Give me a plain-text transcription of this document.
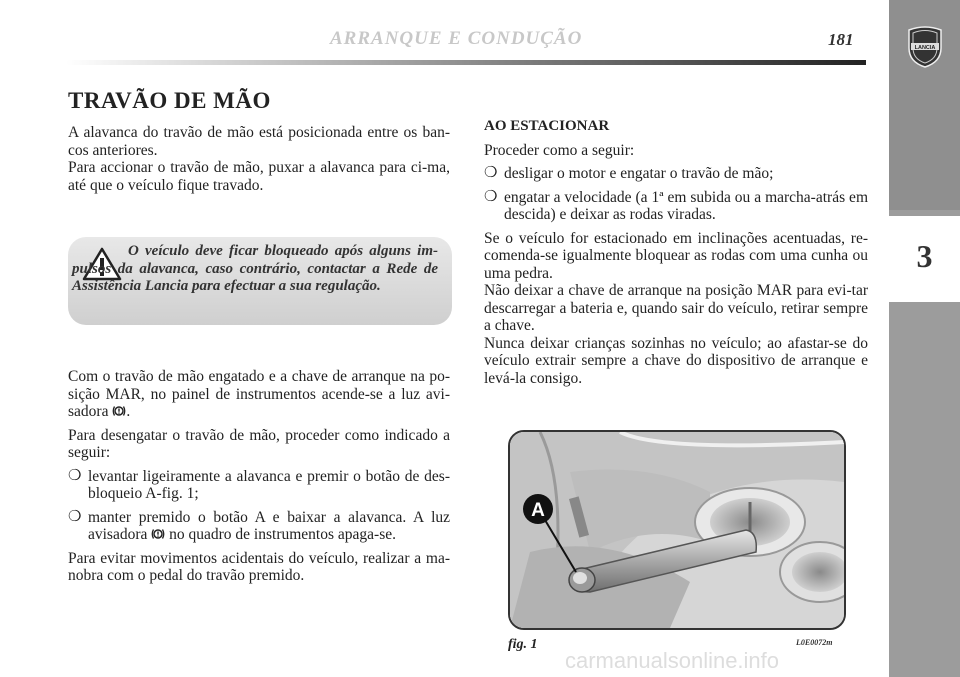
ARRANQUE E CONDUÇÃO	181
3
LANCIA
TRAVÃO DE MÃO

A alavanca do travão de mão está posicionada entre os ban-cos anteriores.

Para accionar o travão de mão, puxar a alavanca para ci-ma, até que o veículo fique travado.

O veículo deve ficar bloqueado após alguns im-pulsos da alavanca, caso contrário, contactar a Rede de Assistência Lancia para efectuar a sua regulação.

Com o travão de mão engatado e a chave de arranque na po-sição MAR, no painel de instrumentos acende-se a luz avi-sadora .

Para desengatar o travão de mão, proceder como indicado a seguir:

❍ levantar ligeiramente a alavanca e premir o botão de des-bloqueio A-fig. 1;
❍ manter premido o botão A e baixar a alavanca. A luz avisadora no quadro de instrumentos apaga-se.

Para evitar movimentos acidentais do veículo, realizar a ma-nobra com o pedal do travão premido.

AO ESTACIONAR

Proceder como a seguir:

❍ desligar o motor e engatar o travão de mão;
❍ engatar a velocidade (a 1ª em subida ou a marcha-atrás em descida) e deixar as rodas viradas.

Se o veículo for estacionado em inclinações acentuadas, re-comenda-se igualmente bloquear as rodas com uma cunha ou uma pedra.

Não deixar a chave de arranque na posição MAR para evi-tar descarregar a bateria e, quando sair do veículo, retirar sempre a chave.

Nunca deixar crianças sozinhas no veículo; ao afastar-se do veículo extrair sempre a chave do dispositivo de arranque e levá-la consigo.

A
fig. 1	L0E0072m
carmanualsonline.info
